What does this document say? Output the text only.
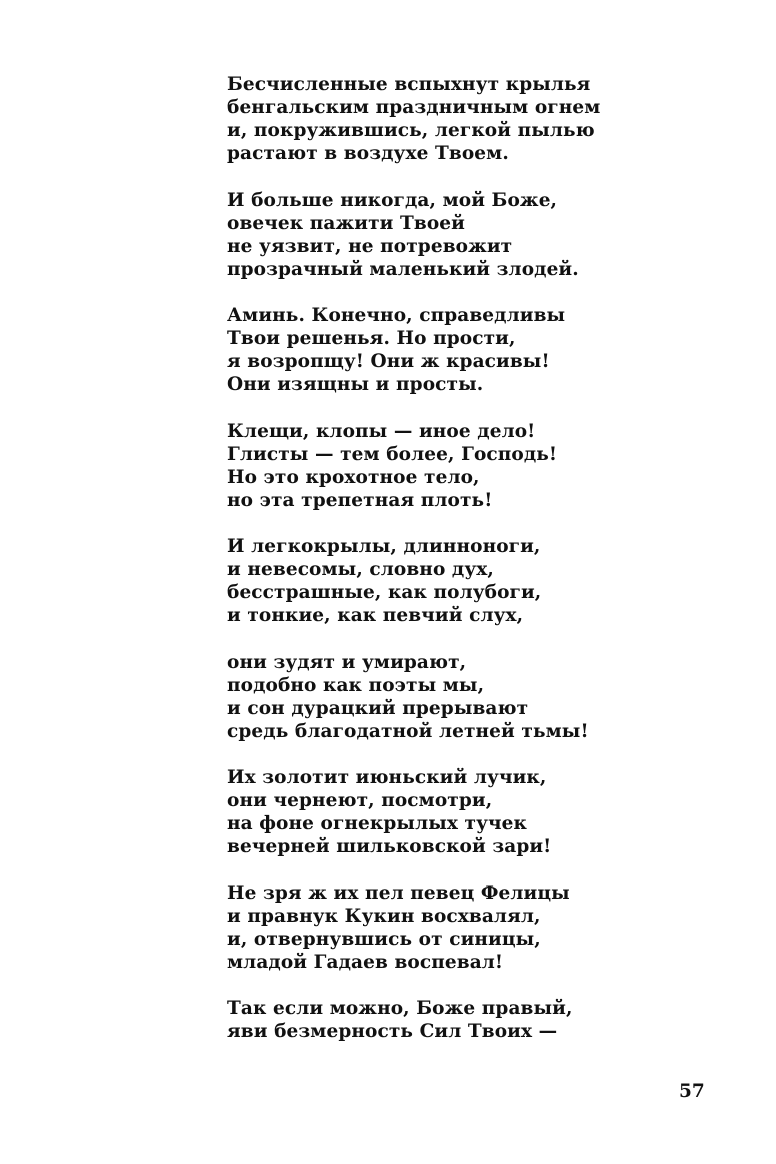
Бесчисленные вспыхнут крылья
бенгальским праздничным огнем
и, покружившись, легкой пылью
растают в воздухе Твоем.
И больше никогда, мой Боже,
овечек пажити Твоей
не уязвит, не потревожит
прозрачный маленький злодей.
Аминь. Конечно, справедливы
Твои решенья. Но прости,
я возропщу! Они ж красивы!
Они изящны и просты.
Клещи, клопы — иное дело!
Глисты — тем более, Господь!
Но это крохотное тело,
но эта трепетная плоть!
И легкокрылы, длинноноги,
и невесомы, словно дух,
бесстрашные, как полубоги,
и тонкие, как певчий слух,
они зудят и умирают,
подобно как поэты мы,
и сон дурацкий прерывают
средь благодатной летней тьмы!
Их золотит июньский лучик,
они чернеют, посмотри,
на фоне огнекрылых тучек
вечерней шильковской зари!
Не зря ж их пел певец Фелицы
и правнук Кукин восхвалял,
и, отвернувшись от синицы,
младой Гадаев воспевал!
Так если можно, Боже правый,
яви безмерность Сил Твоих —
57
